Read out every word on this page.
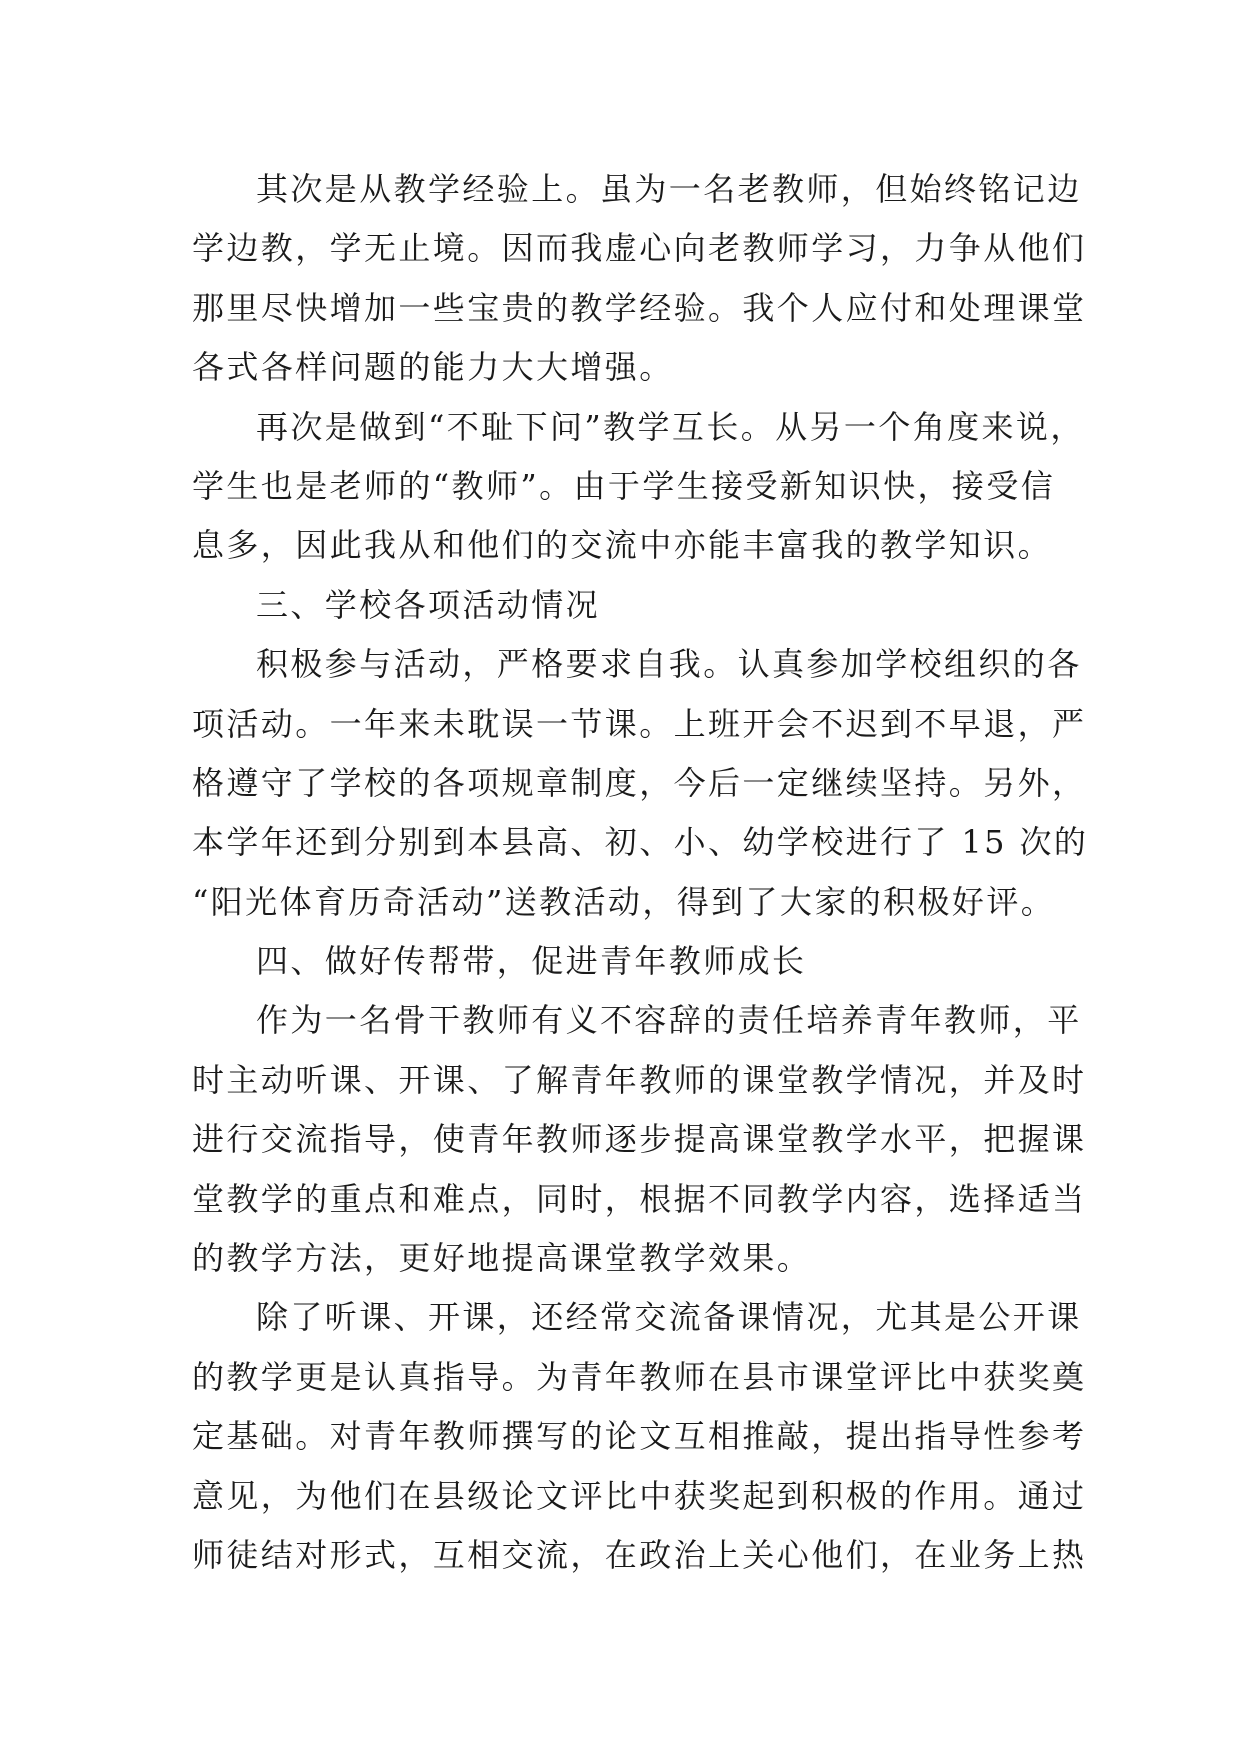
其次是从教学经验上。虽为一名老教师，但始终铭记边
学边教，学无止境。因而我虚心向老教师学习，力争从他们
那里尽快增加一些宝贵的教学经验。我个人应付和处理课堂
各式各样问题的能力大大增强。
再次是做到“不耻下问”教学互长。从另一个角度来说，
学生也是老师的“教师”。由于学生接受新知识快，接受信
息多，因此我从和他们的交流中亦能丰富我的教学知识。
三、学校各项活动情况
积极参与活动，严格要求自我。认真参加学校组织的各
项活动。一年来未耽误一节课。上班开会不迟到不早退，严
格遵守了学校的各项规章制度，今后一定继续坚持。另外，
本学年还到分别到本县高、初、小、幼学校进行了 15 次的
“阳光体育历奇活动”送教活动，得到了大家的积极好评。
四、做好传帮带，促进青年教师成长
作为一名骨干教师有义不容辞的责任培养青年教师，平
时主动听课、开课、了解青年教师的课堂教学情况，并及时
进行交流指导，使青年教师逐步提高课堂教学水平，把握课
堂教学的重点和难点，同时，根据不同教学内容，选择适当
的教学方法，更好地提高课堂教学效果。
除了听课、开课，还经常交流备课情况，尤其是公开课
的教学更是认真指导。为青年教师在县市课堂评比中获奖奠
定基础。对青年教师撰写的论文互相推敲，提出指导性参考
意见，为他们在县级论文评比中获奖起到积极的作用。通过
师徒结对形式，互相交流，在政治上关心他们，在业务上热
